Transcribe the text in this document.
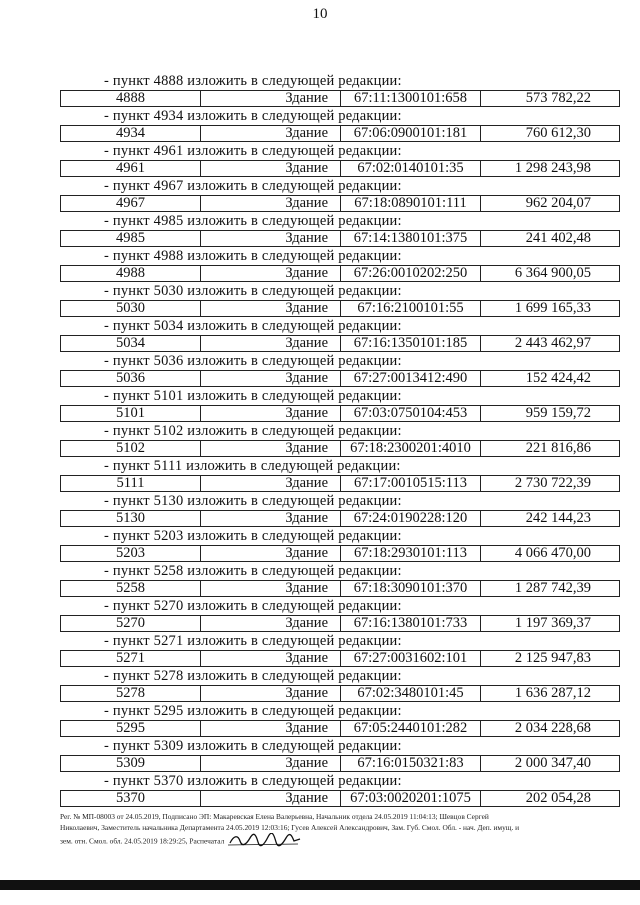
10
- пункт 4888 изложить в следующей редакции:
4888	Здание	67:11:1300101:658	573 782,22
- пункт 4934 изложить в следующей редакции:
4934	Здание	67:06:0900101:181	760 612,30
- пункт 4961 изложить в следующей редакции:
4961	Здание	67:02:0140101:35	1 298 243,98
- пункт 4967 изложить в следующей редакции:
4967	Здание	67:18:0890101:111	962 204,07
- пункт 4985 изложить в следующей редакции:
4985	Здание	67:14:1380101:375	241 402,48
- пункт 4988 изложить в следующей редакции:
4988	Здание	67:26:0010202:250	6 364 900,05
- пункт 5030 изложить в следующей редакции:
5030	Здание	67:16:2100101:55	1 699 165,33
- пункт 5034 изложить в следующей редакции:
5034	Здание	67:16:1350101:185	2 443 462,97
- пункт 5036 изложить в следующей редакции:
5036	Здание	67:27:0013412:490	152 424,42
- пункт 5101 изложить в следующей редакции:
5101	Здание	67:03:0750104:453	959 159,72
- пункт 5102 изложить в следующей редакции:
5102	Здание	67:18:2300201:4010	221 816,86
- пункт 5111 изложить в следующей редакции:
5111	Здание	67:17:0010515:113	2 730 722,39
- пункт 5130 изложить в следующей редакции:
5130	Здание	67:24:0190228:120	242 144,23
- пункт 5203 изложить в следующей редакции:
5203	Здание	67:18:2930101:113	4 066 470,00
- пункт 5258 изложить в следующей редакции:
5258	Здание	67:18:3090101:370	1 287 742,39
- пункт 5270 изложить в следующей редакции:
5270	Здание	67:16:1380101:733	1 197 369,37
- пункт 5271 изложить в следующей редакции:
5271	Здание	67:27:0031602:101	2 125 947,83
- пункт 5278 изложить в следующей редакции:
5278	Здание	67:02:3480101:45	1 636 287,12
- пункт 5295 изложить в следующей редакции:
5295	Здание	67:05:2440101:282	2 034 228,68
- пункт 5309 изложить в следующей редакции:
5309	Здание	67:16:0150321:83	2 000 347,40
- пункт 5370 изложить в следующей редакции:
5370	Здание	67:03:0020201:1075	202 054,28
Рег. № МП-08003 от 24.05.2019, Подписано ЭП: Макаревская Елена Валерьевна, Начальник отдела 24.05.2019 11:04:13; Шевцов Сергей
Николаевич, Заместитель начальника Департамента 24.05.2019 12:03:16; Гусев Алексей Александрович, Зам. Губ. Смол. Обл. - нач. Деп. имущ. и
зем. отн. Смол. обл. 24.05.2019 18:29:25, Распечатал
